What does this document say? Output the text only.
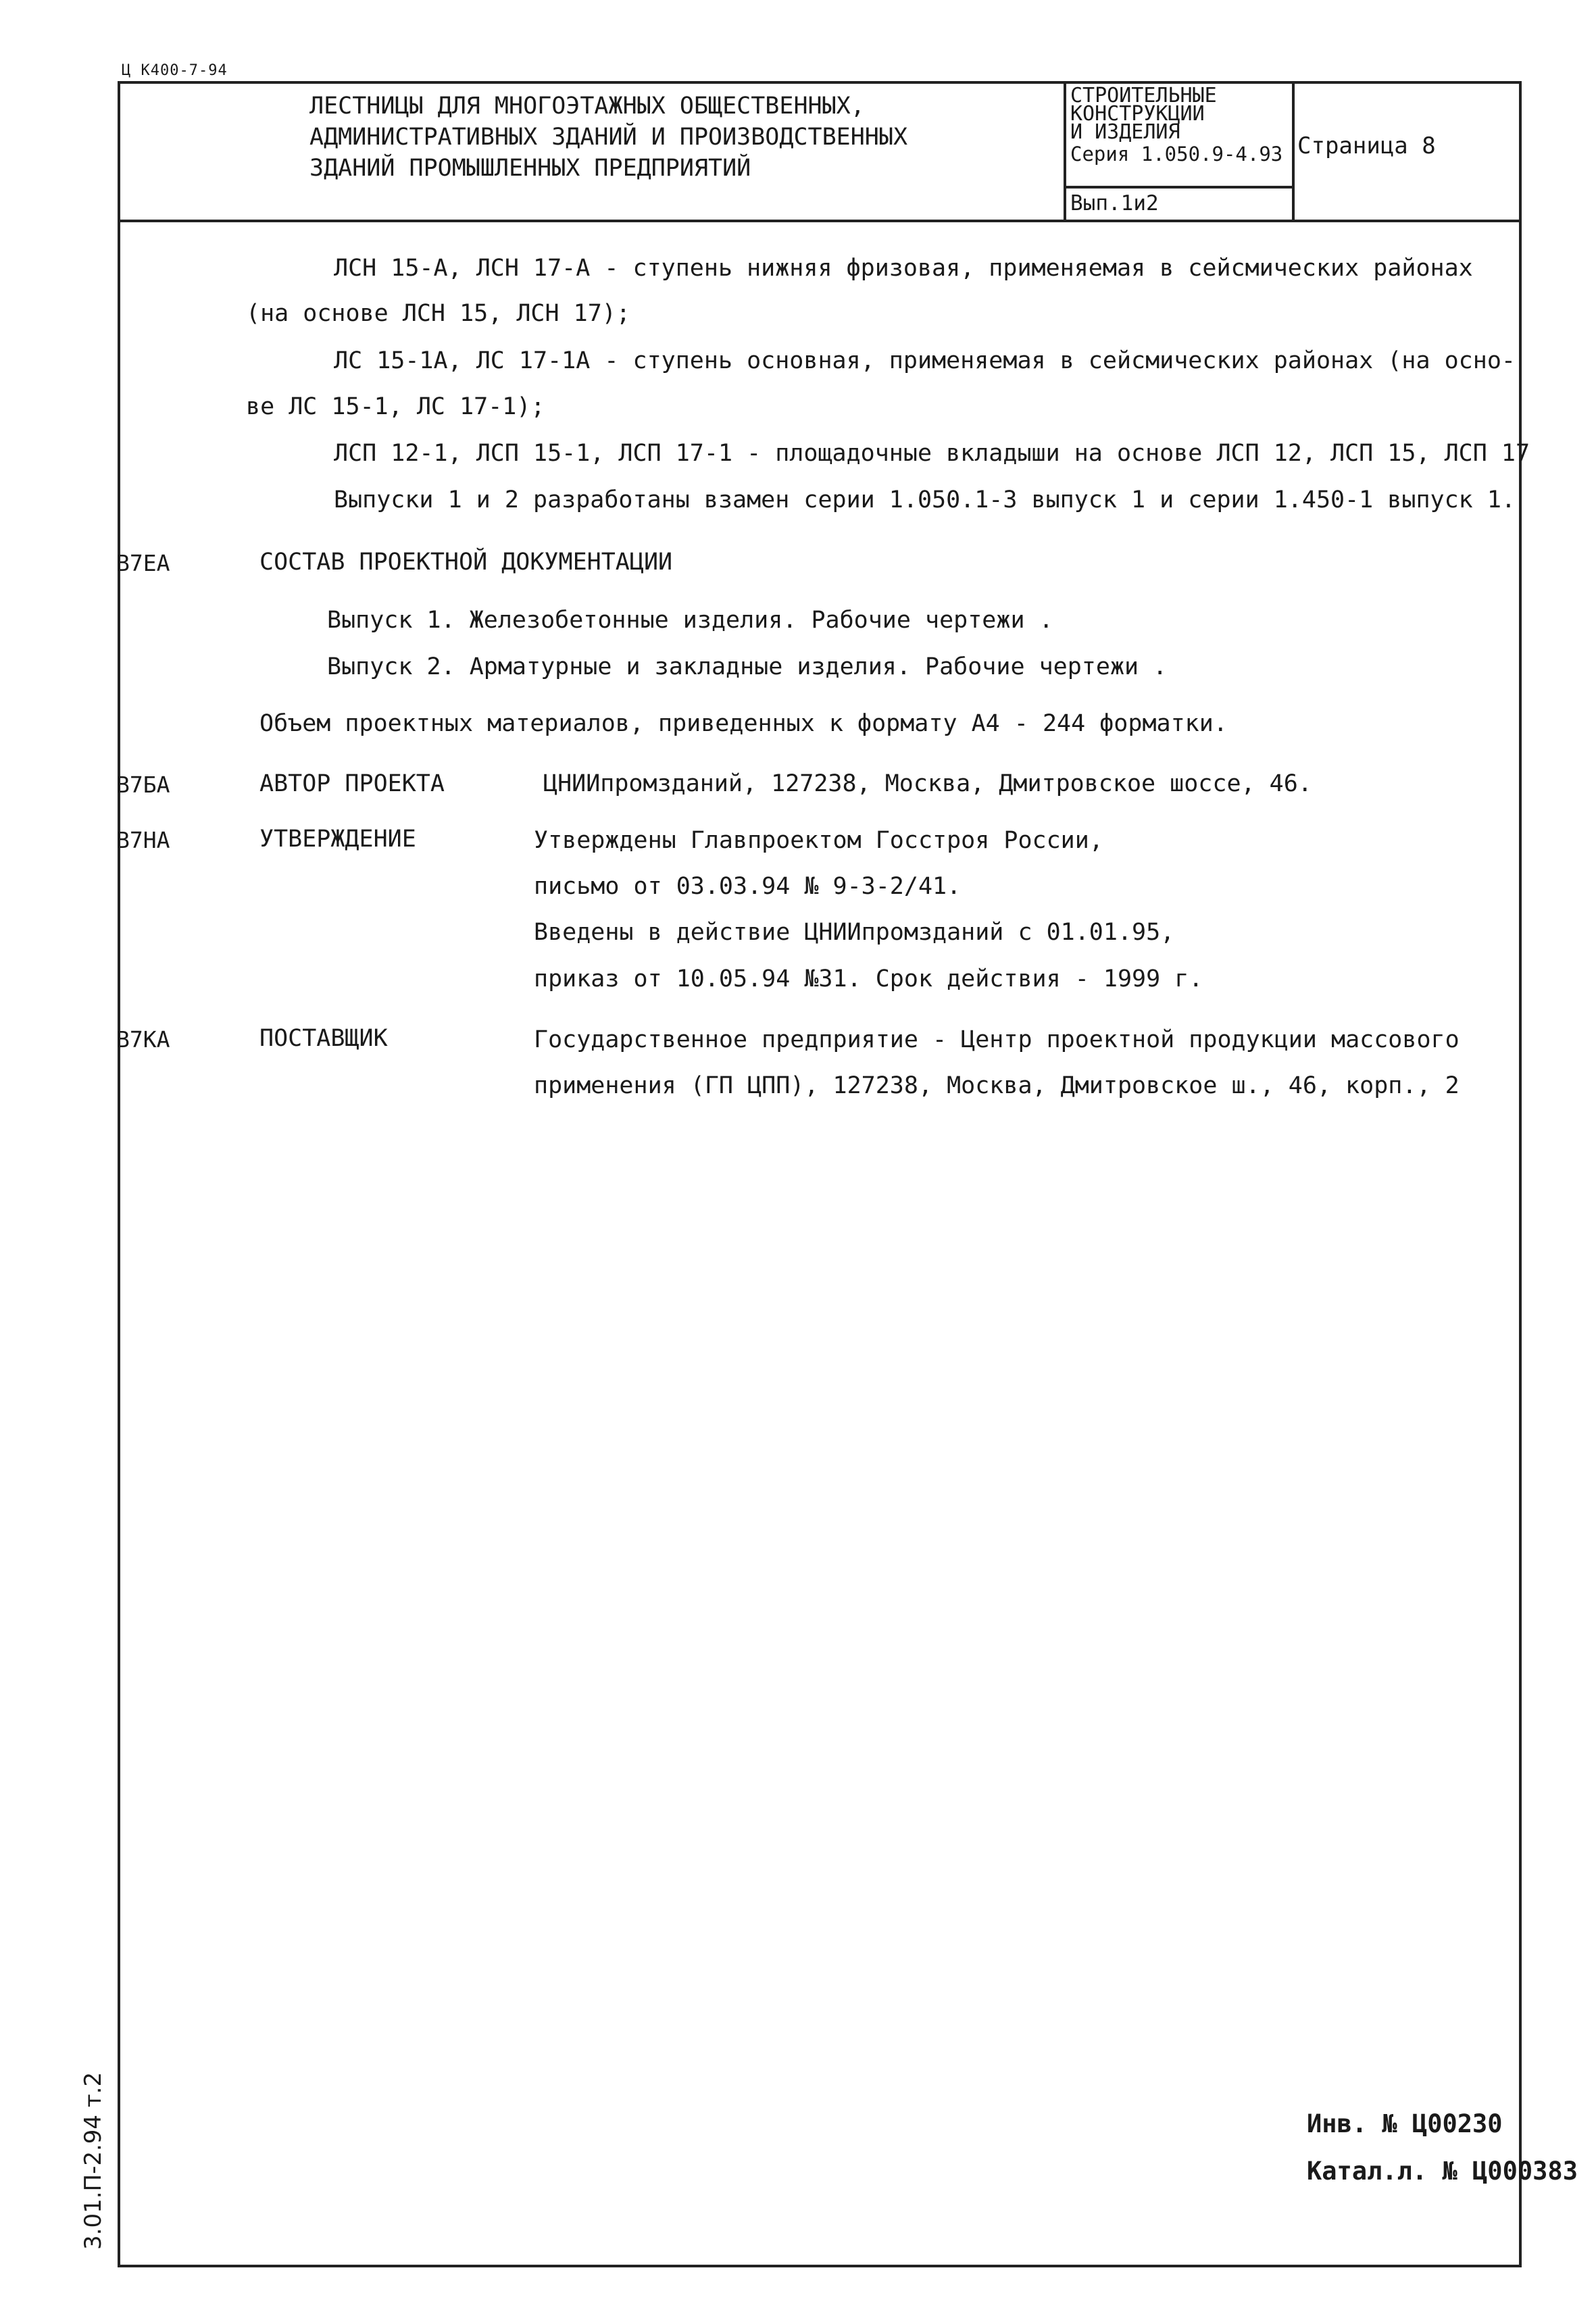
Ц К400-7-94
ЛЕСТНИЦЫ ДЛЯ МНОГОЭТАЖНЫХ ОБЩЕСТВЕННЫХ,
АДМИНИСТРАТИВНЫХ ЗДАНИЙ И ПРОИЗВОДСТВЕННЫХ
ЗДАНИЙ ПРОМЫШЛЕННЫХ ПРЕДПРИЯТИЙ
СТРОИТЕЛЬНЫЕ
КОНСТРУКЦИИ
И ИЗДЕЛИЯ
Серия 1.050.9-4.93
Вып.1и2
Страница 8
ЛСН 15-А, ЛСН 17-А - ступень нижняя фризовая, применяемая в сейсмических районах
(на основе ЛСН 15, ЛСН 17);
ЛС 15-1А, ЛС 17-1А - ступень основная, применяемая в сейсмических районах (на осно-
ве ЛС 15-1, ЛС 17-1);
ЛСП 12-1, ЛСП 15-1, ЛСП 17-1 - площадочные вкладыши на основе ЛСП 12, ЛСП 15, ЛСП 17
Выпуски 1 и 2 разработаны взамен серии 1.050.1-3 выпуск 1 и серии 1.450-1 выпуск 1.
В7ЕА	СОСТАВ ПРОЕКТНОЙ ДОКУМЕНТАЦИИ
Выпуск 1. Железобетонные изделия. Рабочие чертежи .
Выпуск 2. Арматурные и закладные изделия. Рабочие чертежи .
Объем проектных материалов, приведенных к формату А4 - 244 форматки.
В7БА	АВТОР ПРОЕКТА	ЦНИИпромзданий, 127238, Москва, Дмитровское шоссе, 46.
В7НА	УТВЕРЖДЕНИЕ	Утверждены Главпроектом Госстроя России,
письмо от 03.03.94 № 9-3-2/41.
Введены в действие ЦНИИпромзданий с 01.01.95,
приказ от 10.05.94 №31. Срок действия - 1999 г.
В7КА	ПОСТАВЩИК	Государственное предприятие - Центр проектной продукции массового
применения (ГП ЦПП), 127238, Москва, Дмитровское ш., 46, корп., 2
Инв. № Ц00230
Катал.л. № Ц000383
3.01.П-2.94 т.2
